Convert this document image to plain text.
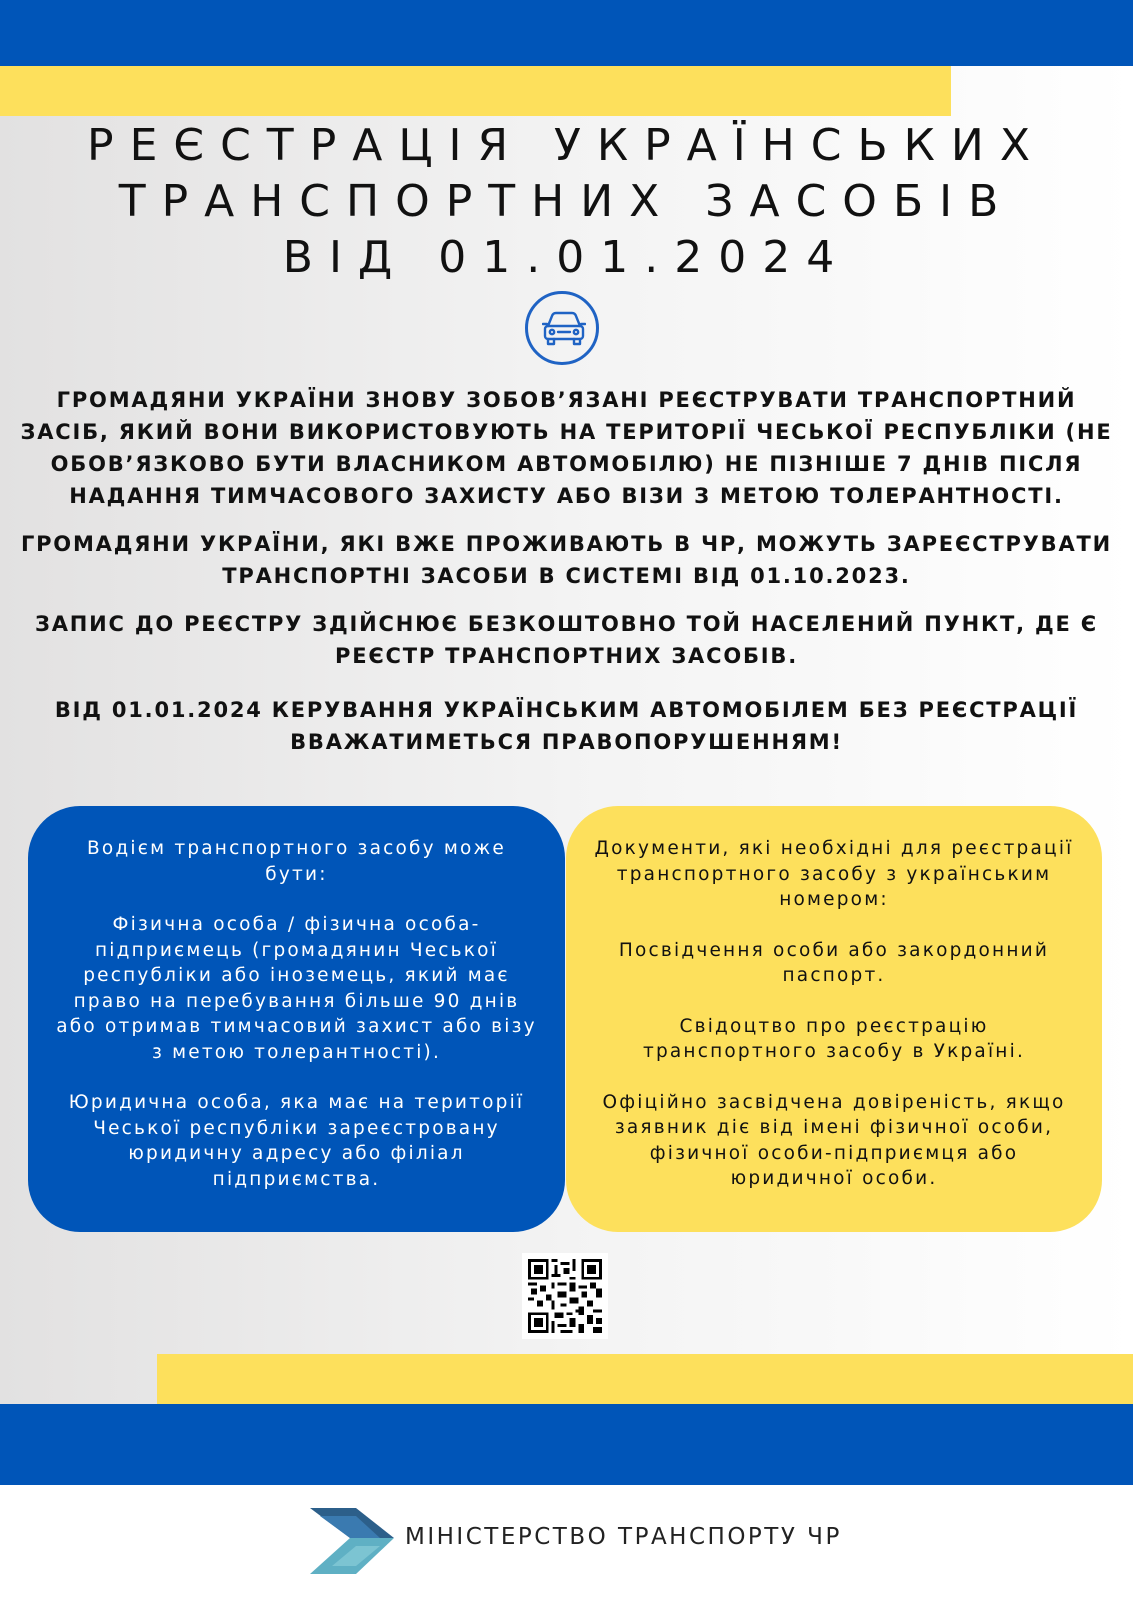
РЕЄСТРАЦІЯ УКРАЇНСЬКИХ
ТРАНСПОРТНИХ ЗАСОБІВ
ВІД 01.01.2024
ГРОМАДЯНИ УКРАЇНИ ЗНОВУ ЗОБОВ’ЯЗАНІ РЕЄСТРУВАТИ ТРАНСПОРТНИЙ ЗАСІБ, ЯКИЙ ВОНИ ВИКОРИСТОВУЮТЬ НА ТЕРИТОРІЇ ЧЕСЬКОЇ РЕСПУБЛІКИ (НЕ ОБОВ’ЯЗКОВО БУТИ ВЛАСНИКОМ АВТОМОБІЛЮ) НЕ ПІЗНІШЕ 7 ДНІВ ПІСЛЯ НАДАННЯ ТИМЧАСОВОГО ЗАХИСТУ АБО ВІЗИ З МЕТОЮ ТОЛЕРАНТНОСТІ.
ГРОМАДЯНИ УКРАЇНИ, ЯКІ ВЖЕ ПРОЖИВАЮТЬ В ЧР, МОЖУТЬ ЗАРЕЄСТРУВАТИ ТРАНСПОРТНІ ЗАСОБИ В СИСТЕМІ ВІД 01.10.2023.
ЗАПИС ДО РЕЄСТРУ ЗДІЙСНЮЄ БЕЗКОШТОВНО ТОЙ НАСЕЛЕНИЙ ПУНКТ, ДЕ Є РЕЄСТР ТРАНСПОРТНИХ ЗАСОБІВ.
ВІД 01.01.2024 КЕРУВАННЯ УКРАЇНСЬКИМ АВТОМОБІЛЕМ БЕЗ РЕЄСТРАЦІЇ ВВАЖАТИМЕТЬСЯ ПРАВОПОРУШЕННЯМ!

Водієм транспортного засобу може бути:

Фізична особа / фізична особа-підприємець (громадянин Чеської республіки або іноземець, який має право на перебування більше 90 днів або отримав тимчасовий захист або візу з метою толерантності).

Юридична особа, яка має на території Чеської республіки зареєстровану юридичну адресу або філіал підприємства.

Документи, які необхідні для реєстрації транспортного засобу з українським номером:

Посвідчення особи або закордонний паспорт.

Свідоцтво про реєстрацію транспортного засобу в Україні.

Офіційно засвідчена довіреність, якщо заявник діє від імені фізичної особи, фізичної особи-підприємця або юридичної особи.

МІНІСТЕРСТВО ТРАНСПОРТУ ЧР
